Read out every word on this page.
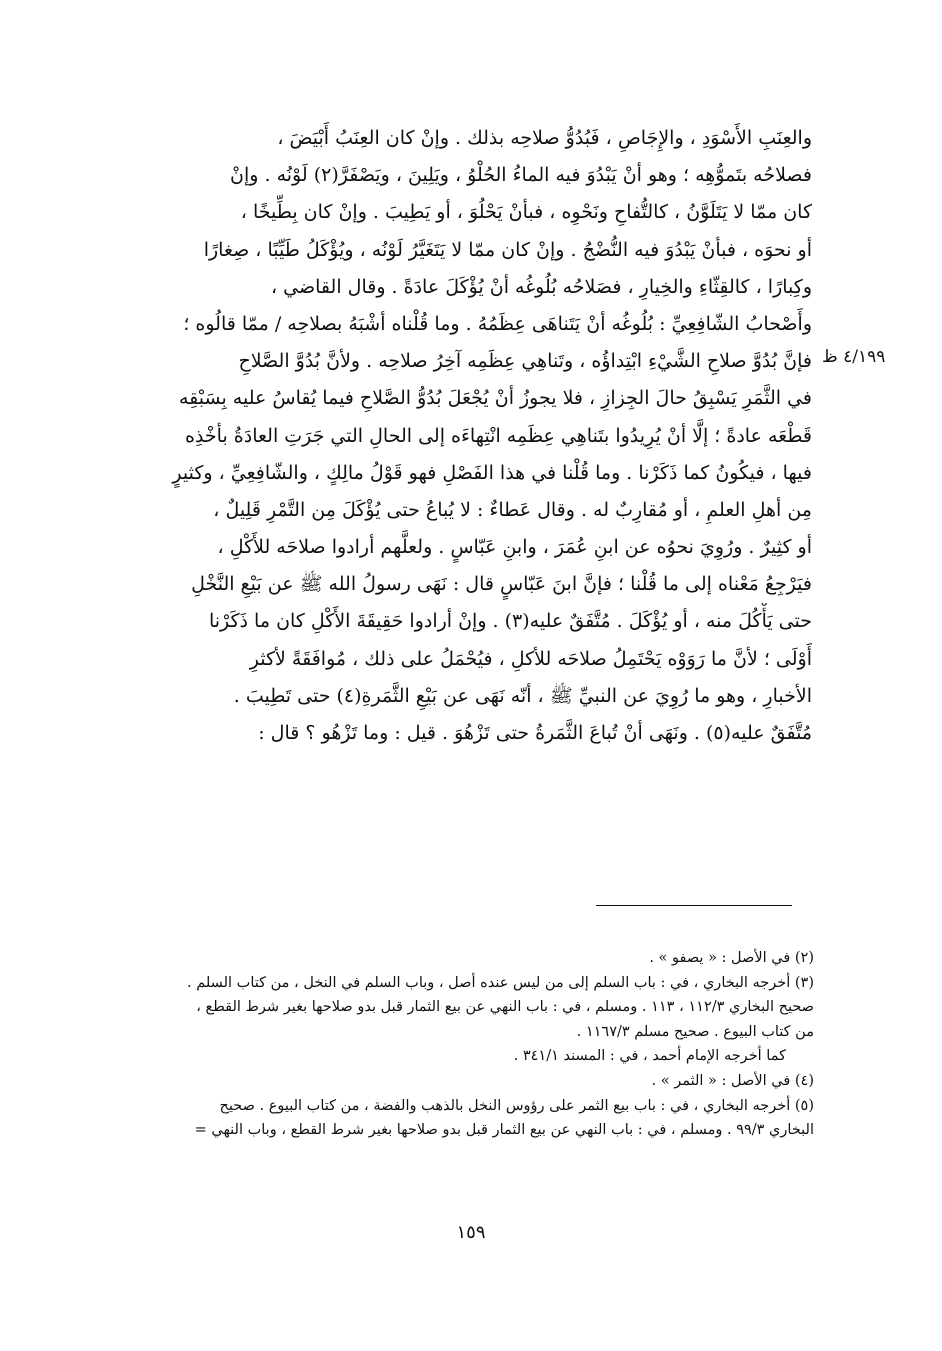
والعِنَبِ الأَسْوَدِ ، والإِجَاصِ ، فَبُدُوُّ صلاحِه بذلك . وإنْ كان العِنَبُ أَبْيَضَ ،
فصلاحُه بتَموُّهِه ؛ وهو أنْ يَبْدُوَ فيه الماءُ الحُلْوُ ، ويَلِينَ ، ويَصْفَرَّ(٢) لَوْنُه . وإنْ
كان ممّا لا يَتَلَوَّنُ ، كالتُّفاحِ ونَحْوِه ، فبأنْ يَحْلُوَ ، أو يَطِيبَ . وإنْ كان بِطِّيخًا ،
أو نحوَه ، فبأنْ يَبْدُوَ فيه النُّضْجُ . وإنْ كان ممّا لا يَتَغَيَّرُ لَوْنُه ، ويُؤْكَلُ طَيِّبًا ، صِغارًا
وكِبارًا ، كالقِثّاءِ والخِيارِ ، فصَلاحُه بُلُوغُه أنْ يُؤْكَلَ عادَةً . وقال القاضي ،
وأَصْحابُ الشّافِعِيِّ : بُلُوغُه أنْ يَتَناهَى عِظَمُهُ . وما قُلْناه أشْبَهُ بصلاحِه / ممّا قالُوه ؛
فإنَّ بُدُوَّ صلاحِ الشَّيْءِ ابْتِداؤُه ، وتَناهِي عِظَمِه آخِرُ صلاحِه . ولأنَّ بُدُوَّ الصَّلاحِ
في الثَّمَرِ يَسْبِقُ حالَ الجِزازِ ، فلا يجوزُ أنْ يُجْعَلَ بُدُوُّ الصَّلاحِ فيما يُقاسُ عليه بِسَبْقِه
قَطْعَه عادةً ؛ إلَّا أنْ يُرِيدُوا بتَناهِي عِظَمِه انْتِهاءَه إلى الحالِ التي جَرَتِ العادَةُ بأخْذِه
فيها ، فيكُونُ كما ذَكَرْنا . وما قُلْنا في هذا الفَصْلِ فهو قَوْلُ مالِكٍ ، والشّافِعِيِّ ، وكثيرٍ
مِن أهلِ العلمِ ، أو مُقارِبٌ له . وقال عَطاءٌ : لا يُباعُ حتى يُؤْكَلَ مِن التَّمْرِ قَلِيلٌ ،
أو كثِيرٌ . ورُوِيَ نحوُه عن ابنِ عُمَرَ ، وابنِ عَبّاسٍ . ولعلَّهم أرادوا صلاحَه للأَكْلِ ،
فيَرْجِعُ مَعْناه إلى ما قُلْنا ؛ فإنَّ ابنَ عَبّاسٍ قال : نَهَى رسولُ الله ﷺ عن بَيْعِ النَّخْلِ
حتى يَأْكُلَ منه ، أو يُؤْكَلَ . مُتَّفَقٌ عليه(٣) . وإنْ أرادوا حَقِيقَةَ الأَكْلِ كان ما ذَكَرْنا
أَوْلَى ؛ لأنَّ ما رَوَوْه يَحْتَمِلُ صلاحَه للأكلِ ، فيُحْمَلُ على ذلك ، مُوافَقَةً لأكثرِ
الأخبارِ ، وهو ما رُوِيَ عن النبيِّ ﷺ ، أنّه نَهَى عن بَيْعِ الثَّمَرةِ(٤) حتى تَطِيبَ .
مُتَّفَقٌ عليه(٥) . ونَهَى أنْ تُباعَ الثَّمَرةُ حتى تَزْهُوَ . قيل : وما تَزْهُو ؟ قال :
٤/١٩٩ ظ
(٢) في الأصل : « يصفو » .
(٣) أخرجه البخاري ، في : باب السلم إلى من ليس عنده أصل ، وباب السلم في النخل ، من كتاب السلم .
صحيح البخاري ١١٢/٣ ، ١١٣ . ومسلم ، في : باب النهي عن بيع الثمار قبل بدو صلاحها بغير شرط القطع ،
من كتاب البيوع . صحيح مسلم ١١٦٧/٣ .
كما أخرجه الإمام أحمد ، في : المسند ٣٤١/١ .
(٤) في الأصل : « الثمر » .
(٥) أخرجه البخاري ، في : باب بيع الثمر على رؤوس النخل بالذهب والفضة ، من كتاب البيوع . صحيح
البخاري ٩٩/٣ . ومسلم ، في : باب النهي عن بيع الثمار قبل بدو صلاحها بغير شرط القطع ، وباب النهي =
١٥٩
